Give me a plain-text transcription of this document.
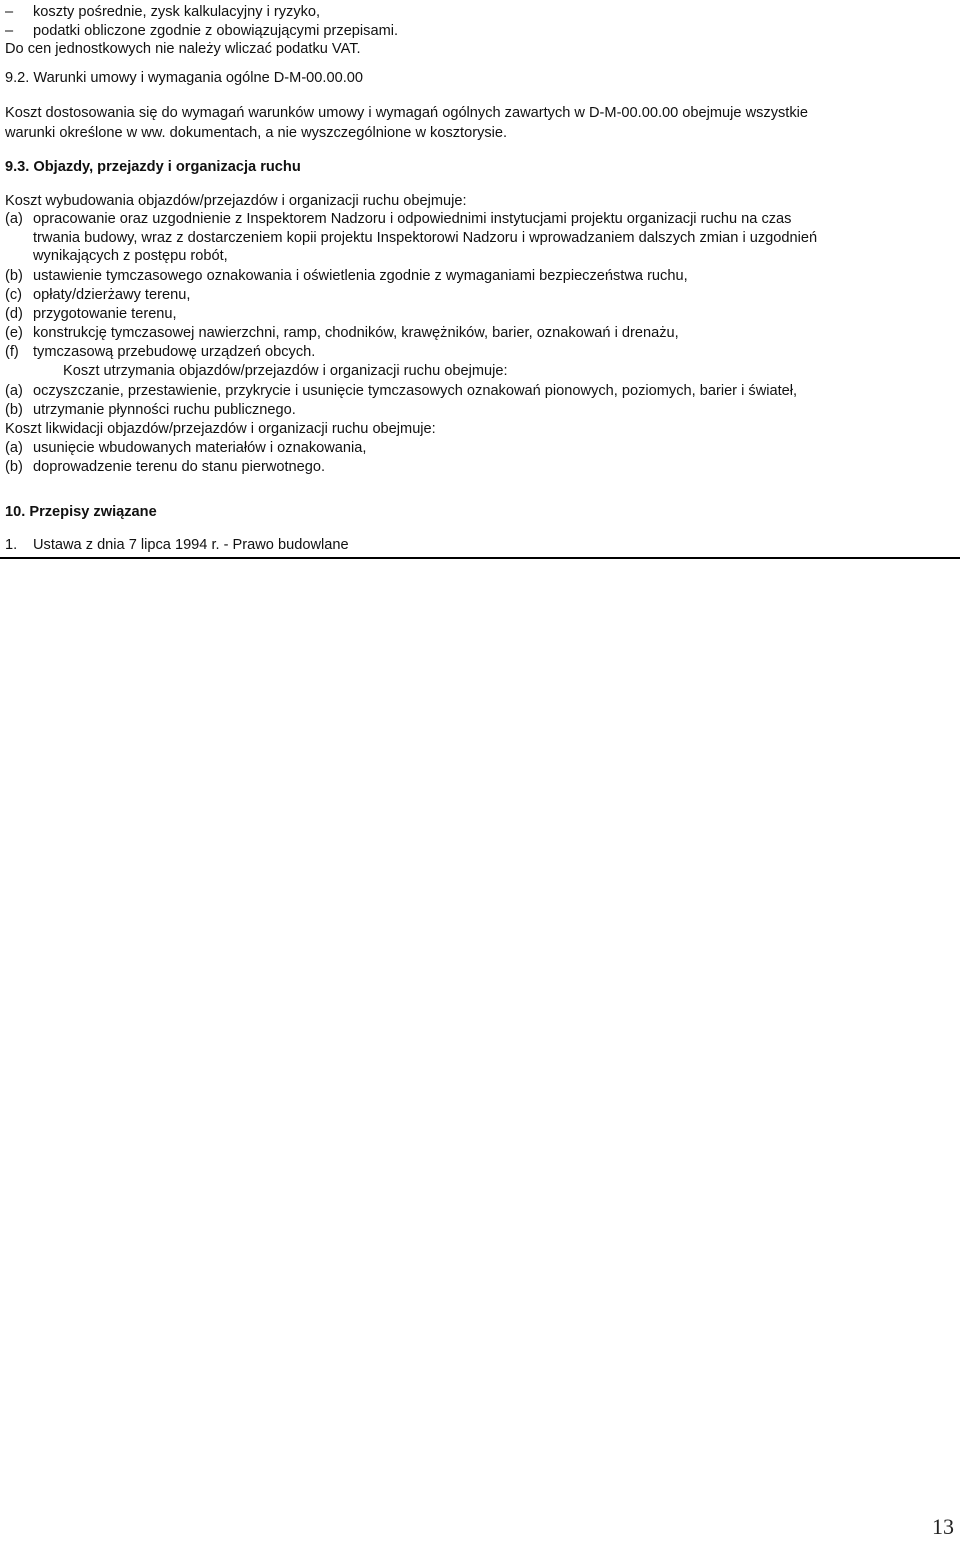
– koszty pośrednie, zysk kalkulacyjny i ryzyko,
– podatki obliczone zgodnie z obowiązującymi przepisami.
Do cen jednostkowych nie należy wliczać podatku VAT.
9.2. Warunki umowy i wymagania ogólne D-M-00.00.00
Koszt dostosowania się do wymagań warunków umowy i wymagań ogólnych zawartych w D-M-00.00.00 obejmuje wszystkie
warunki określone w ww. dokumentach, a nie wyszczególnione w kosztorysie.
9.3. Objazdy, przejazdy i organizacja ruchu
Koszt wybudowania objazdów/przejazdów i organizacji ruchu obejmuje:
(a) opracowanie oraz uzgodnienie z Inspektorem Nadzoru i odpowiednimi instytucjami projektu organizacji ruchu na czas
trwania budowy, wraz z dostarczeniem kopii projektu Inspektorowi Nadzoru i wprowadzaniem dalszych zmian i uzgodnień
wynikających z postępu robót,
(b) ustawienie tymczasowego oznakowania i oświetlenia zgodnie z wymaganiami bezpieczeństwa ruchu,
(c) opłaty/dzierżawy terenu,
(d) przygotowanie terenu,
(e) konstrukcję tymczasowej nawierzchni, ramp, chodników, krawężników, barier, oznakowań i drenażu,
(f) tymczasową przebudowę urządzeń obcych.
Koszt utrzymania objazdów/przejazdów i organizacji ruchu obejmuje:
(a) oczyszczanie, przestawienie, przykrycie i usunięcie tymczasowych oznakowań pionowych, poziomych, barier i świateł,
(b) utrzymanie płynności ruchu publicznego.
Koszt likwidacji objazdów/przejazdów i organizacji ruchu obejmuje:
(a) usunięcie wbudowanych materiałów i oznakowania,
(b) doprowadzenie terenu do stanu pierwotnego.
10. Przepisy związane
1. Ustawa z dnia 7 lipca 1994 r. - Prawo budowlane
13
